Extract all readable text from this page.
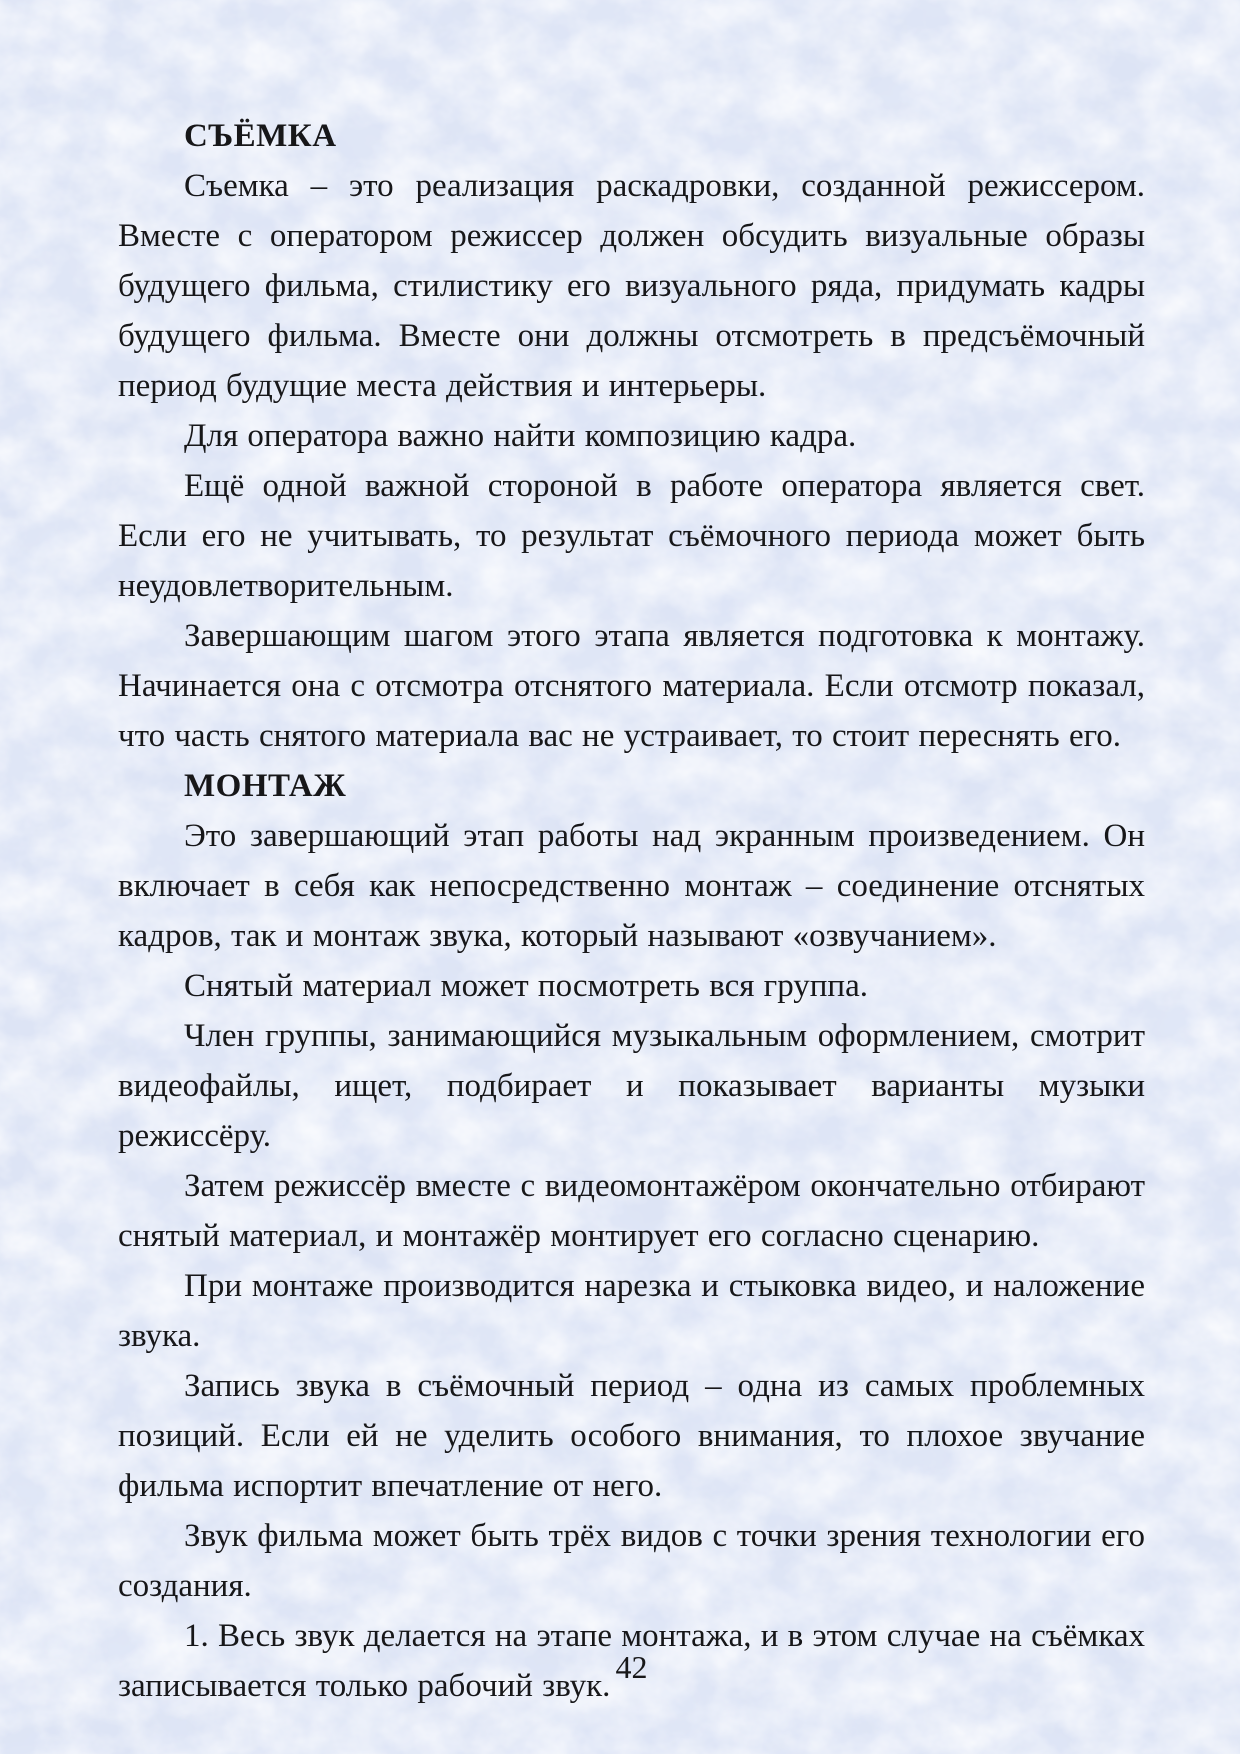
СЪЁМКА

Съемка – это реализация раскадровки, созданной режиссером. Вместе с оператором режиссер должен обсудить визуальные образы будущего фильма, стилистику его визуального ряда, придумать кадры будущего фильма. Вместе они должны отсмотреть в предсъёмочный период будущие места действия и интерьеры.

Для оператора важно найти композицию кадра.

Ещё одной важной стороной в работе оператора является свет. Если его не учитывать, то результат съёмочного периода может быть неудовлетворительным.

Завершающим шагом этого этапа является подготовка к монтажу. Начинается она с отсмотра отснятого материала. Если отсмотр показал, что часть снятого материала вас не устраивает, то стоит переснять его.

МОНТАЖ

Это завершающий этап работы над экранным произведением. Он включает в себя как непосредственно монтаж – соединение отснятых кадров, так и монтаж звука, который называют «озвучанием».

Снятый материал может посмотреть вся группа.

Член группы, занимающийся музыкальным оформлением, смотрит видеофайлы, ищет, подбирает и показывает варианты музыки режиссёру.

Затем режиссёр вместе с видеомонтажёром окончательно отбирают снятый материал, и монтажёр монтирует его согласно сценарию.

При монтаже производится нарезка и стыковка видео, и наложение звука.

Запись звука в съёмочный период – одна из самых проблемных позиций. Если ей не уделить особого внимания, то плохое звучание фильма испортит впечатление от него.

Звук фильма может быть трёх видов с точки зрения технологии его создания.

1. Весь звук делается на этапе монтажа, и в этом случае на съёмках записывается только рабочий звук.

42
